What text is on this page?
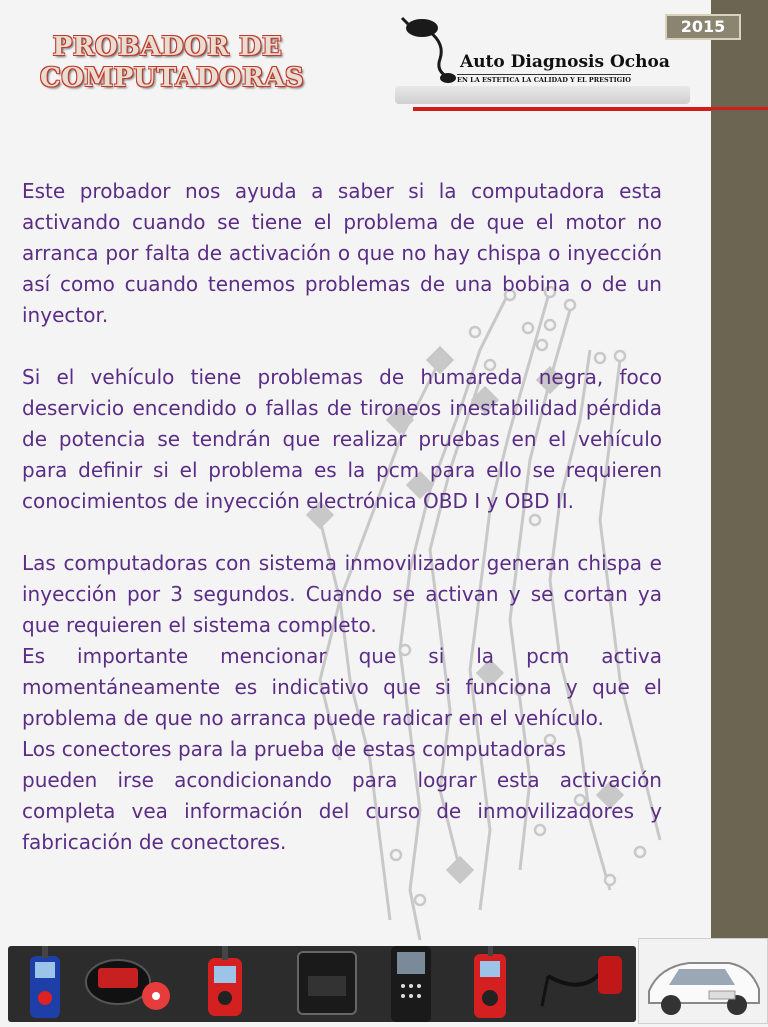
2015
PROBADOR DE
COMPUTADORAS
Auto Diagnosis Ochoa
EN LA ESTETICA LA CALIDAD Y EL PRESTIGIO

Este probador nos ayuda a saber si la computadora esta activando cuando se tiene el problema de que el motor no arranca por falta de activación o que no hay chispa o inyección así como cuando tenemos problemas de una bobina o de un inyector.

Si el vehículo tiene problemas de humareda negra, foco deservicio encendido o fallas de tironeos inestabilidad pérdida de potencia se tendrán que realizar pruebas en el vehículo para definir si el problema es la pcm para ello se requieren conocimientos de inyección electrónica OBD I y OBD II.

Las computadoras con sistema inmovilizador generan chispa e inyección por 3 segundos. Cuando se activan y se cortan ya que requieren el sistema completo.

Es importante mencionar que si la pcm activa momentáneamente es indicativo que si funciona y que el problema de que no arranca puede radicar en el vehículo.

Los conectores para la prueba de estas computadoras

pueden irse acondicionando para lograr esta activación completa vea información del curso de inmovilizadores y fabricación de conectores.
